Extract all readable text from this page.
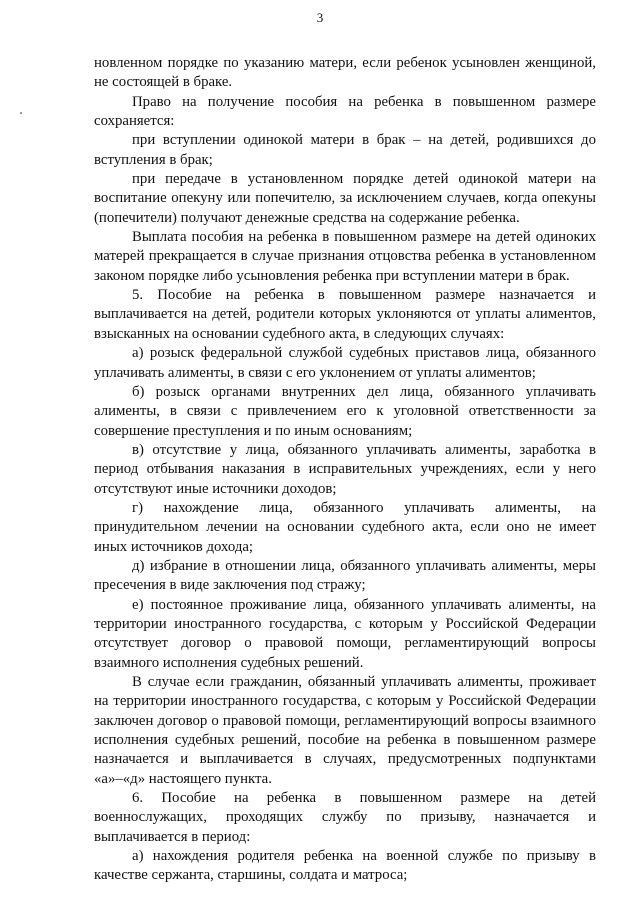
3

новленном порядке по указанию матери, если ребенок усыновлен женщиной, не состоящей в браке.

Право на получение пособия на ребенка в повышенном размере сохраняется:

при вступлении одинокой матери в брак – на детей, родившихся до вступления в брак;

при передаче в установленном порядке детей одинокой матери на воспитание опекуну или попечителю, за исключением случаев, когда опекуны (попечители) получают денежные средства на содержание ребенка.

Выплата пособия на ребенка в повышенном размере на детей одиноких матерей прекращается в случае признания отцовства ребенка в установленном законом порядке либо усыновления ребенка при вступлении матери в брак.

5. Пособие на ребенка в повышенном размере назначается и выплачивается на детей, родители которых уклоняются от уплаты алиментов, взысканных на основании судебного акта, в следующих случаях:

а) розыск федеральной службой судебных приставов лица, обязанного уплачивать алименты, в связи с его уклонением от уплаты алиментов;

б) розыск органами внутренних дел лица, обязанного уплачивать алименты, в связи с привлечением его к уголовной ответственности за совершение преступления и по иным основаниям;

в) отсутствие у лица, обязанного уплачивать алименты, заработка в период отбывания наказания в исправительных учреждениях, если у него отсутствуют иные источники доходов;

г) нахождение лица, обязанного уплачивать алименты, на принудительном лечении на основании судебного акта, если оно не имеет иных источников дохода;

д) избрание в отношении лица, обязанного уплачивать алименты, меры пресечения в виде заключения под стражу;

е) постоянное проживание лица, обязанного уплачивать алименты, на территории иностранного государства, с которым у Российской Федерации отсутствует договор о правовой помощи, регламентирующий вопросы взаимного исполнения судебных решений.

В случае если гражданин, обязанный уплачивать алименты, проживает на территории иностранного государства, с которым у Российской Федерации заключен договор о правовой помощи, регламентирующий вопросы взаимного исполнения судебных решений, пособие на ребенка в повышенном размере назначается и выплачивается в случаях, предусмотренных подпунктами «а»–«д» настоящего пункта.

6. Пособие на ребенка в повышенном размере на детей военнослужащих, проходящих службу по призыву, назначается и выплачивается в период:

а) нахождения родителя ребенка на военной службе по призыву в качестве сержанта, старшины, солдата и матроса;
